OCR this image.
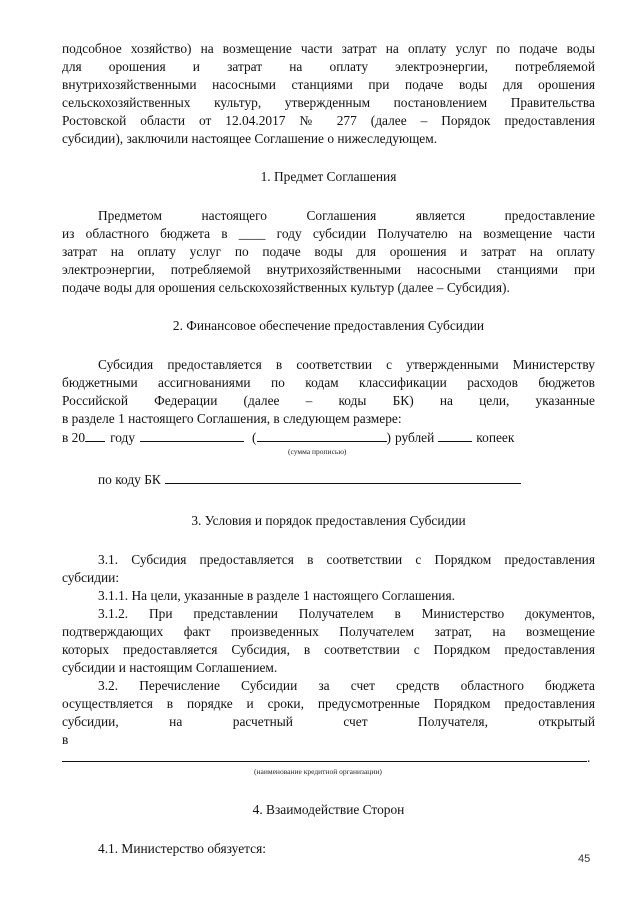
подсобное хозяйство) на возмещение части затрат на оплату услуг по подаче воды

для орошения и затрат на оплату электроэнергии, потребляемой

внутрихозяйственными насосными станциями при подаче воды для орошения

сельскохозяйственных культур, утвержденным постановлением Правительства

Ростовской области от 12.04.2017 № 277 (далее – Порядок предоставления

субсидии), заключили настоящее Соглашение о нижеследующем.

1. Предмет Соглашения

Предметом настоящего Соглашения является предоставление

из областного бюджета в ____ году субсидии Получателю на возмещение части

затрат на оплату услуг по подаче воды для орошения и затрат на оплату

электроэнергии, потребляемой внутрихозяйственными насосными станциями при

подаче воды для орошения сельскохозяйственных культур (далее – Субсидия).

2. Финансовое обеспечение предоставления Субсидии

Субсидия предоставляется в соответствии с утвержденными Министерству

бюджетными ассигнованиями по кодам классификации расходов бюджетов

Российской Федерации (далее – коды БК) на цели, указанные

в разделе 1 настоящего Соглашения, в следующем размере:

в 20 году	(	) рублей	копеек
(сумма прописью)
по коду БК

3. Условия и порядок предоставления Субсидии

3.1. Субсидия предоставляется в соответствии с Порядком предоставления

субсидии:

3.1.1. На цели, указанные в разделе 1 настоящего Соглашения.

3.1.2. При представлении Получателем в Министерство документов,

подтверждающих факт произведенных Получателем затрат, на возмещение

которых предоставляется Субсидия, в соответствии с Порядком предоставления

субсидии и настоящим Соглашением.

3.2. Перечисление Субсидии за счет средств областного бюджета

осуществляется в порядке и сроки, предусмотренные Порядком предоставления

субсидии, на расчетный счет Получателя, открытый

в

.
(наименование кредитной организации)

4. Взаимодействие Сторон

4.1. Министерство обязуется:

45
